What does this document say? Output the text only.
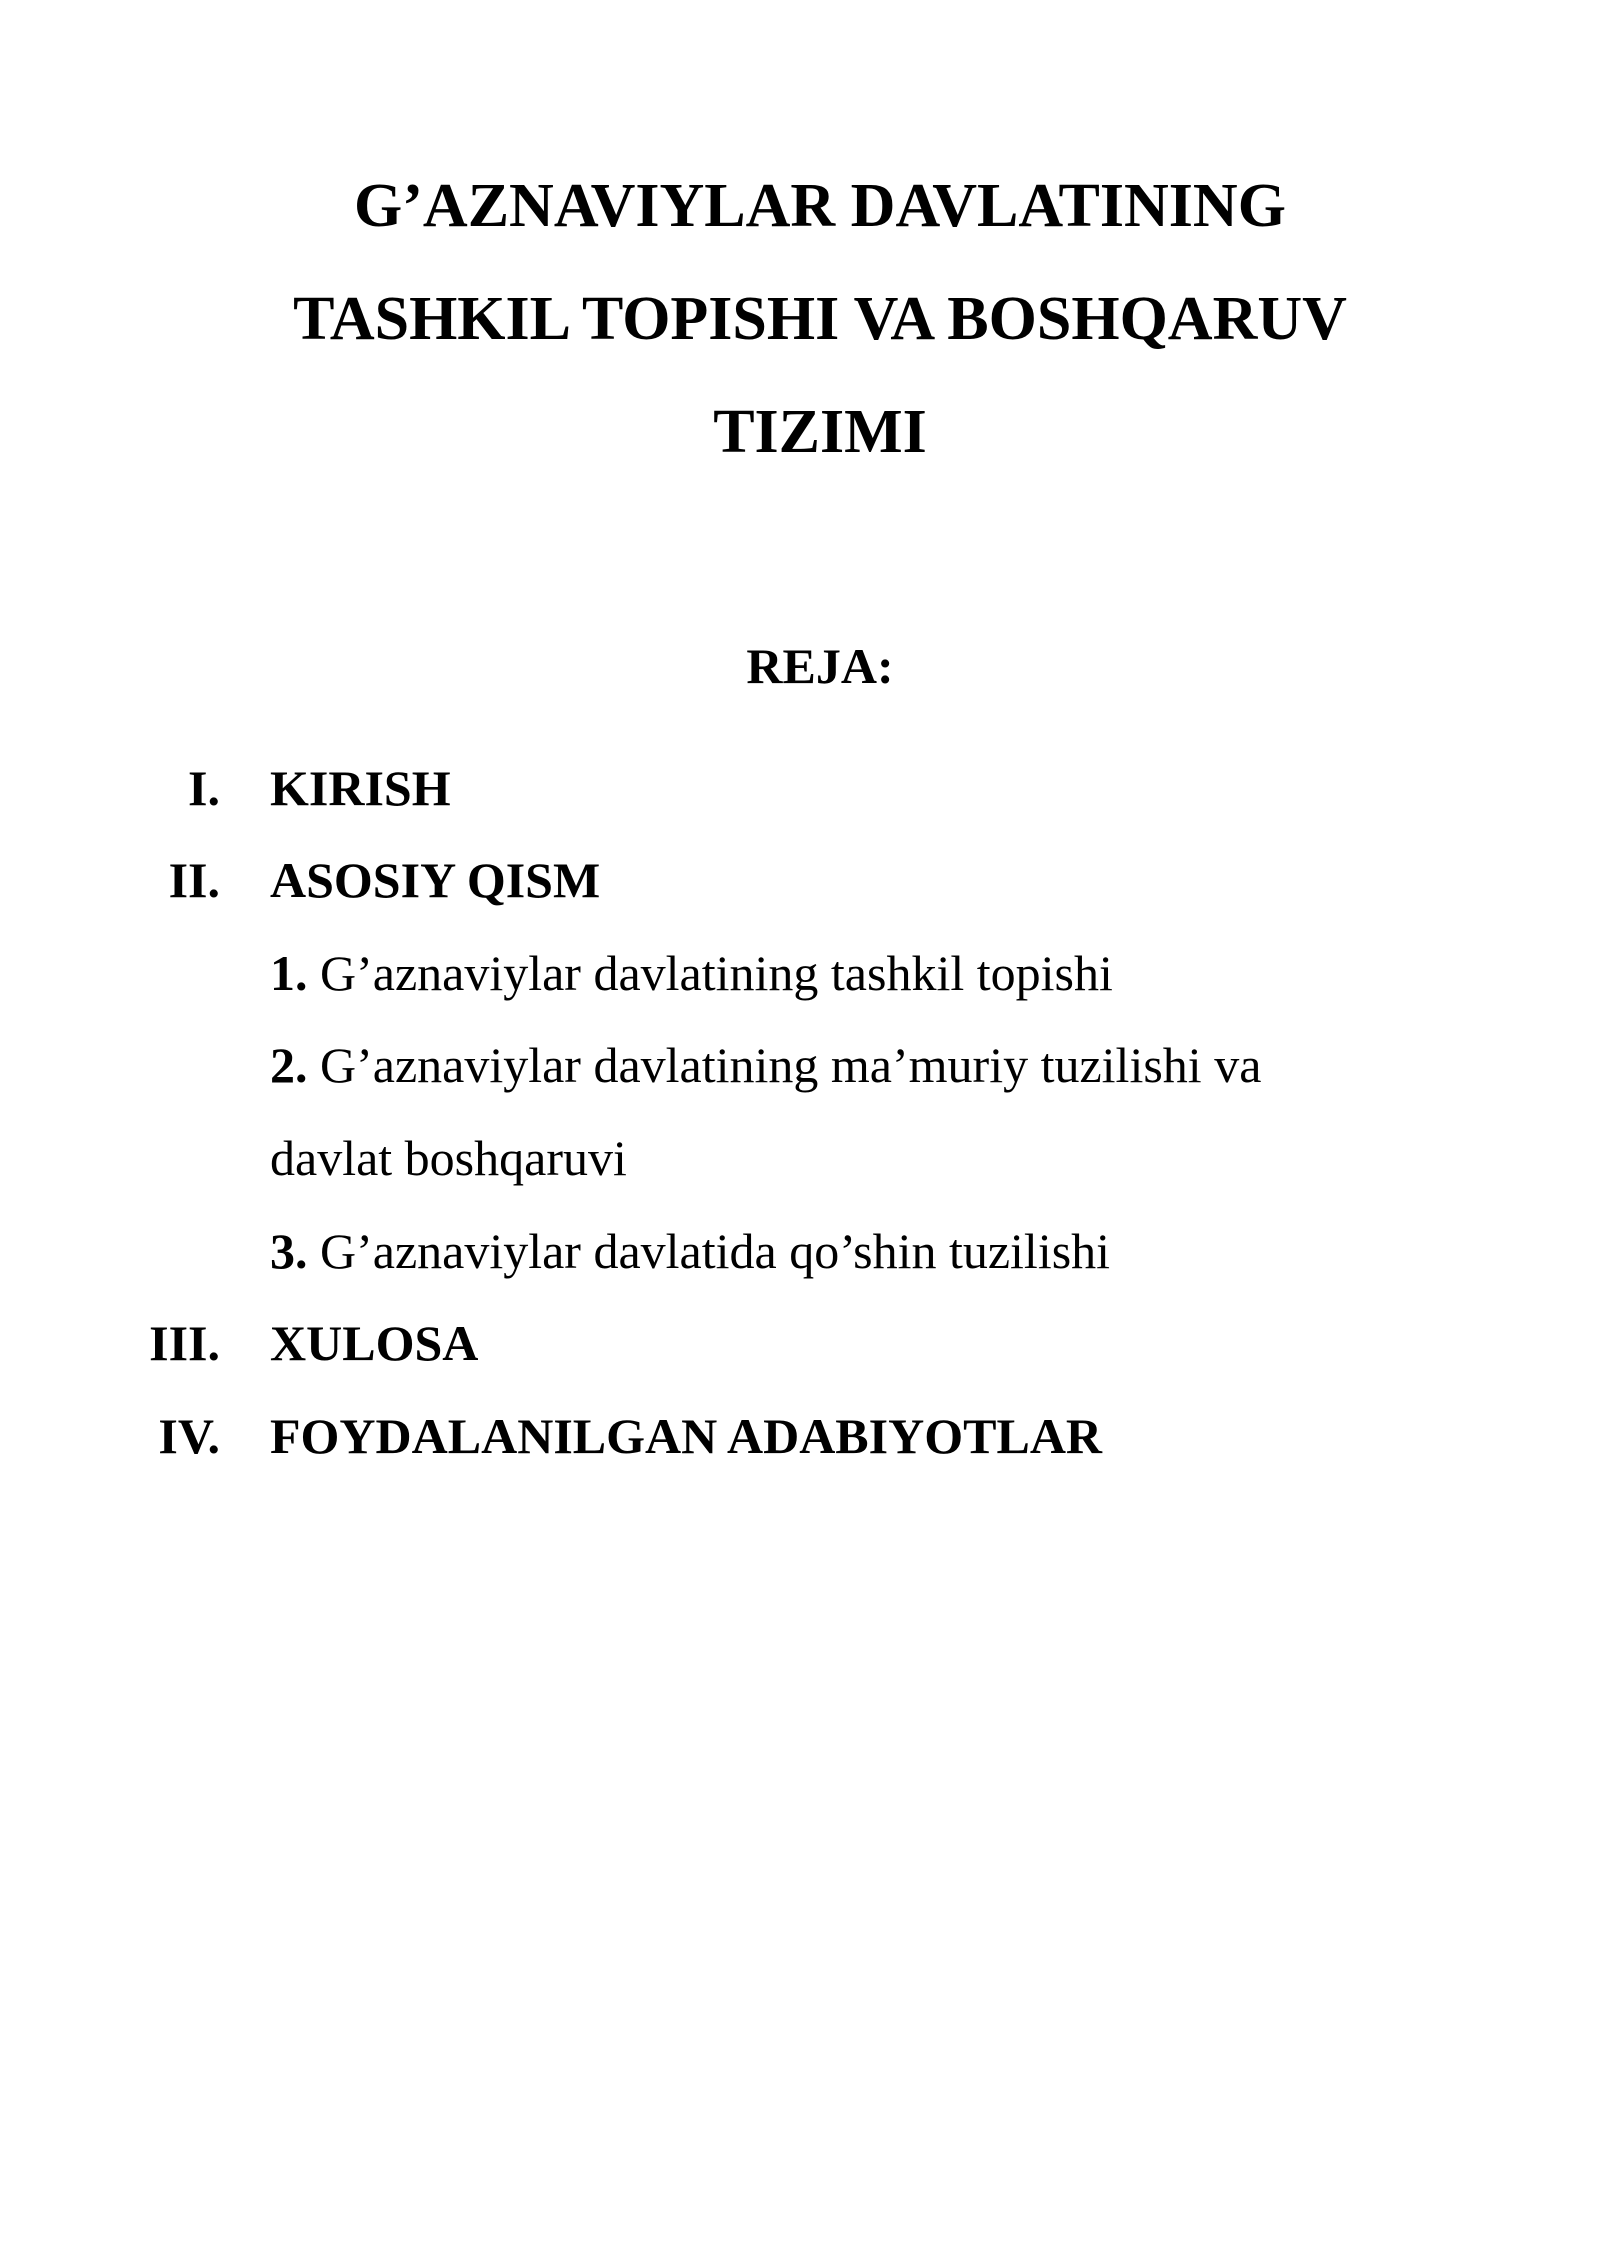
G’AZNAVIYLAR DAVLATINING
TASHKIL TOPISHI VA BOSHQARUV
TIZIMI
REJA:
I. KIRISH
II. ASOSIY QISM
1. G’aznaviylar davlatining tashkil topishi
2. G’aznaviylar davlatining ma’muriy tuzilishi va
davlat boshqaruvi
3. G’aznaviylar davlatida qo’shin tuzilishi
III. XULOSA
IV. FOYDALANILGAN ADABIYOTLAR
